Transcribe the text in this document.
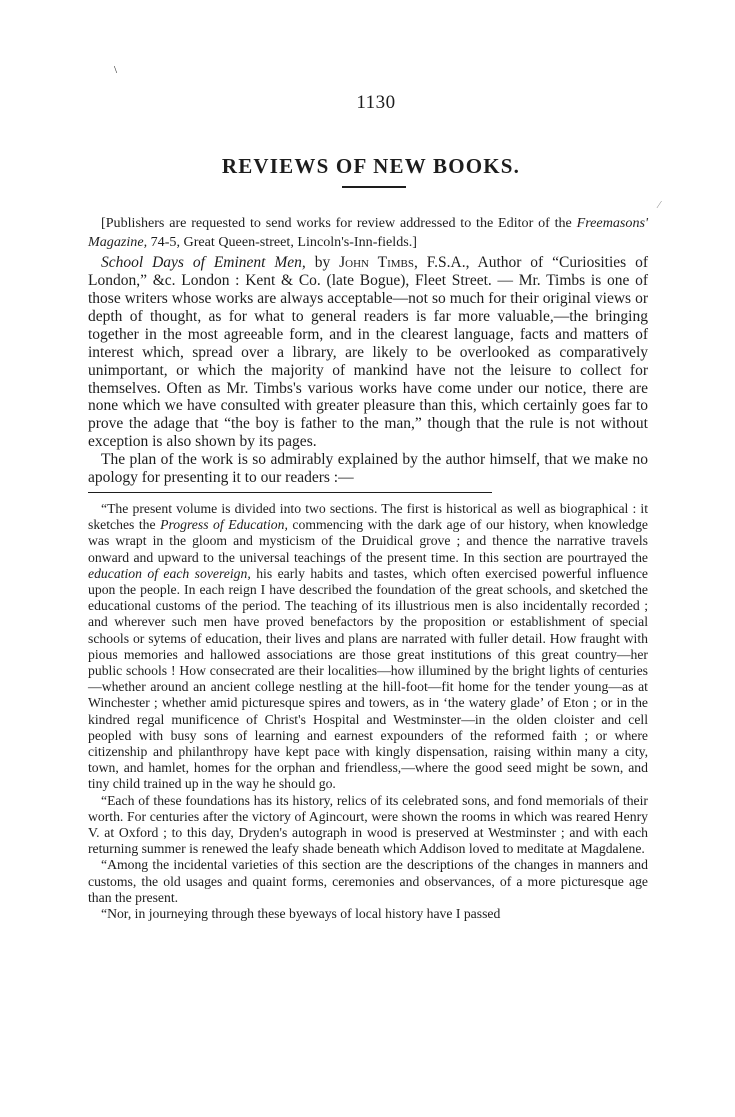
\
1130
REVIEWS OF NEW BOOKS.

[Publishers are requested to send works for review addressed to the Editor of the Freemasons' Magazine, 74-5, Great Queen-street, Lincoln's-Inn-fields.]

School Days of Eminent Men, by John Timbs, F.S.A., Author of “Curiosities of London,” &c. London : Kent & Co. (late Bogue), Fleet Street. — Mr. Timbs is one of those writers whose works are always acceptable—not so much for their original views or depth of thought, as for what to general readers is far more valuable,—the bringing together in the most agreeable form, and in the clearest language, facts and matters of interest which, spread over a library, are likely to be overlooked as comparatively unimportant, or which the majority of mankind have not the leisure to collect for themselves. Often as Mr. Timbs's various works have come under our notice, there are none which we have consulted with greater pleasure than this, which certainly goes far to prove the adage that “the boy is father to the man,” though that the rule is not without exception is also shown by its pages.

The plan of the work is so admirably explained by the author himself, that we make no apology for presenting it to our readers :—

“The present volume is divided into two sections. The first is historical as well as biographical : it sketches the Progress of Education, commencing with the dark age of our history, when knowledge was wrapt in the gloom and mysticism of the Druidical grove ; and thence the narrative travels onward and upward to the universal teachings of the present time. In this section are pourtrayed the education of each sovereign, his early habits and tastes, which often exercised powerful influence upon the people. In each reign I have described the foundation of the great schools, and sketched the educational customs of the period. The teaching of its illustrious men is also incidentally recorded ; and wherever such men have proved benefactors by the proposition or establishment of special schools or sytems of education, their lives and plans are narrated with fuller detail. How fraught with pious memories and hallowed associations are those great institutions of this great country—her public schools ! How consecrated are their localities—how illumined by the bright lights of centuries—whether around an ancient college nestling at the hill-foot—fit home for the tender young—as at Winchester ; whether amid picturesque spires and towers, as in ‘the watery glade’ of Eton ; or in the kindred regal munificence of Christ's Hospital and Westminster—in the olden cloister and cell peopled with busy sons of learning and earnest expounders of the reformed faith ; or where citizenship and philanthropy have kept pace with kingly dispensation, raising within many a city, town, and hamlet, homes for the orphan and friendless,—where the good seed might be sown, and tiny child trained up in the way he should go.

“Each of these foundations has its history, relics of its celebrated sons, and fond memorials of their worth. For centuries after the victory of Agincourt, were shown the rooms in which was reared Henry V. at Oxford ; to this day, Dryden's autograph in wood is preserved at Westminster ; and with each returning summer is renewed the leafy shade beneath which Addison loved to meditate at Magdalene.

“Among the incidental varieties of this section are the descriptions of the changes in manners and customs, the old usages and quaint forms, ceremonies and observances, of a more picturesque age than the present.

“Nor, in journeying through these byeways of local history have I passed

⁄
